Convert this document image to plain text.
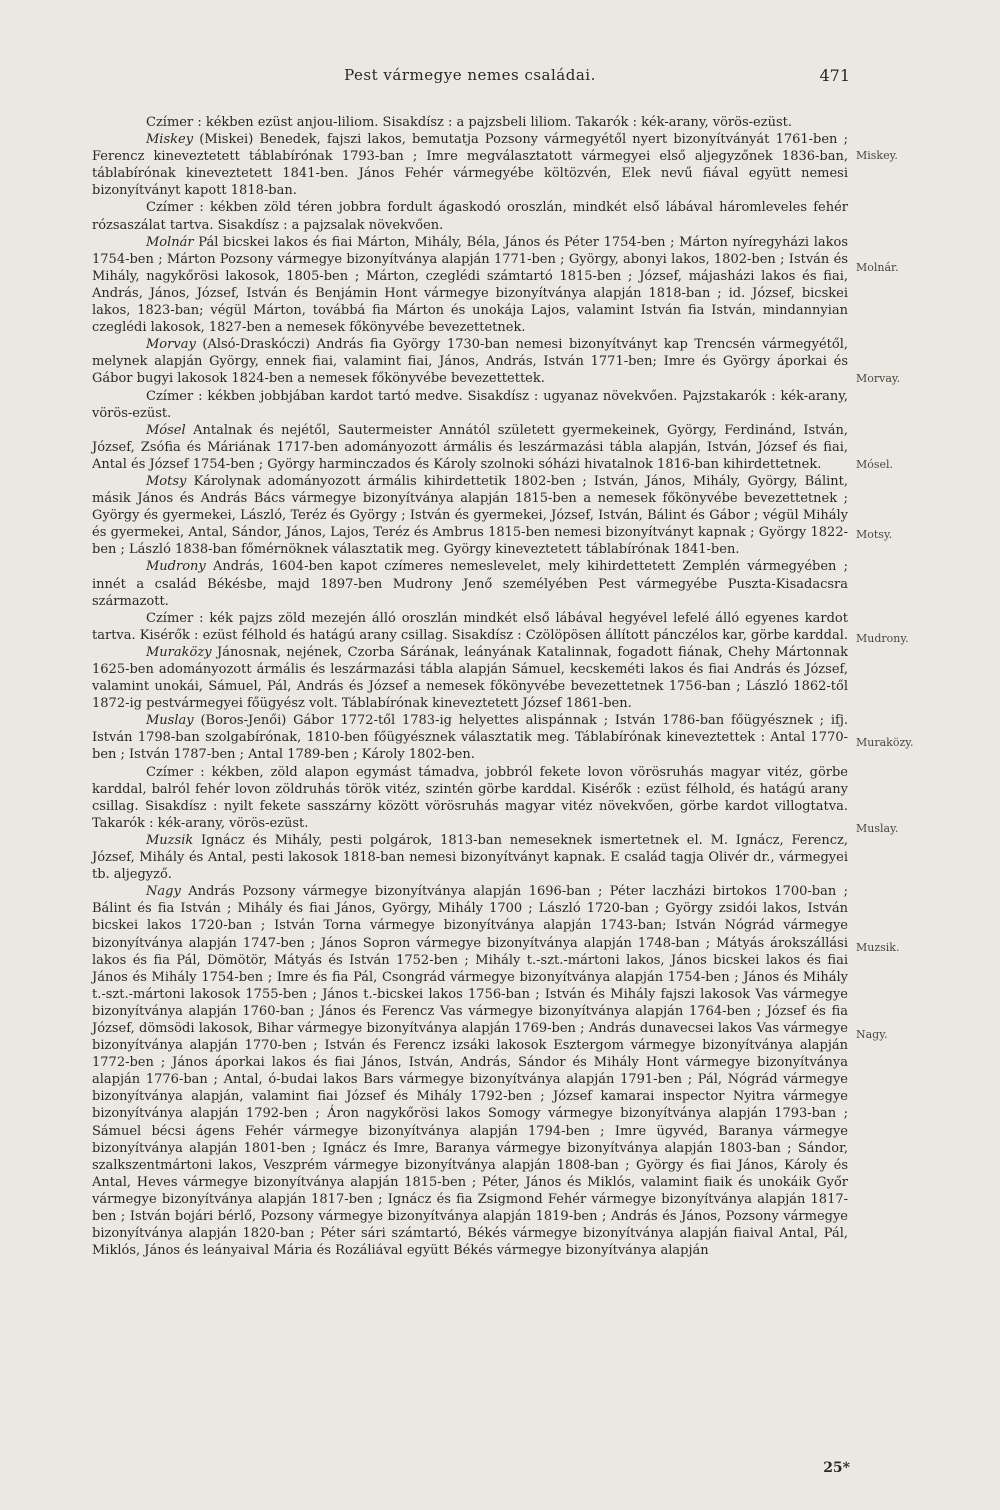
Pest vármegye nemes családai.	471

Czímer : kékben ezüst anjou-liliom. Sisakdísz : a pajzsbeli liliom. Takarók : kék-arany, vörös-ezüst.

Miskey (Miskei) Benedek, fajszi lakos, bemutatja Pozsony vármegyétől nyert bizonyítványát 1761-ben ; Ferencz kineveztetett táblabírónak 1793-ban ; Imre megválasztatott vármegyei első aljegyzőnek 1836-ban, táblabírónak kineveztetett 1841-ben. János Fehér vármegyébe költözvén, Elek nevű fiával együtt nemesi bizonyítványt kapott 1818-ban.

Czímer : kékben zöld téren jobbra fordult ágaskodó oroszlán, mindkét első lábával háromleveles fehér rózsaszálat tartva. Sisakdísz : a pajzsalak növekvően.

Molnár Pál bicskei lakos és fiai Márton, Mihály, Béla, János és Péter 1754-ben ; Márton nyíregyházi lakos 1754-ben ; Márton Pozsony vármegye bizonyítványa alapján 1771-ben ; György, abonyi lakos, 1802-ben ; István és Mihály, nagykőrösi lakosok, 1805-ben ; Márton, czeglédi számtartó 1815-ben ; József, májasházi lakos és fiai, András, János, József, István és Benjámin Hont vármegye bizonyítványa alapján 1818-ban ; id. József, bicskei lakos, 1823-ban; végül Márton, továbbá fia Márton és unokája Lajos, valamint István fia István, mindannyian czeglédi lakosok, 1827-ben a nemesek főkönyvébe bevezettetnek.

Morvay (Alsó-Draskóczi) András fia György 1730-ban nemesi bizonyítványt kap Trencsén vármegyétől, melynek alapján György, ennek fiai, valamint fiai, János, András, István 1771-ben; Imre és György áporkai és Gábor bugyi lakosok 1824-ben a nemesek főkönyvébe bevezettettek.

Czímer : kékben jobbjában kardot tartó medve. Sisakdísz : ugyanaz növekvően. Pajzstakarók : kék-arany, vörös-ezüst.

Mósel Antalnak és nejétől, Sautermeister Annától született gyermekeinek, György, Ferdinánd, István, József, Zsófia és Máriának 1717-ben adományozott ármális és leszármazási tábla alapján, István, József és fiai, Antal és József 1754-ben ; György harminczados és Károly szolnoki sóházi hivatalnok 1816-ban kihirdettetnek.

Motsy Károlynak adományozott ármális kihirdettetik 1802-ben ; István, János, Mihály, György, Bálint, másik János és András Bács vármegye bizonyítványa alapján 1815-ben a nemesek főkönyvébe bevezettetnek ; György és gyermekei, László, Teréz és György ; István és gyermekei, József, István, Bálint és Gábor ; végül Mihály és gyermekei, Antal, Sándor, János, Lajos, Teréz és Ambrus 1815-ben nemesi bizonyítványt kapnak ; György 1822-ben ; László 1838-ban főmérnöknek választatik meg. György kineveztetett táblabírónak 1841-ben.

Mudrony András, 1604-ben kapot czímeres nemeslevelet, mely kihirdettetett Zemplén vármegyében ; innét a család Békésbe, majd 1897-ben Mudrony Jenő személyében Pest vármegyébe Puszta-Kisadacsra származott.

Czímer : kék pajzs zöld mezején álló oroszlán mindkét első lábával hegyével lefelé álló egyenes kardot tartva. Kisérők : ezüst félhold és hatágú arany csillag. Sisakdísz : Czölöpösen állított pánczélos kar, görbe karddal.

Muraközy Jánosnak, nejének, Czorba Sárának, leányának Katalinnak, fogadott fiának, Chehy Mártonnak 1625-ben adományozott ármális és leszármazási tábla alapján Sámuel, kecskeméti lakos és fiai András és József, valamint unokái, Sámuel, Pál, András és József a nemesek főkönyvébe bevezettetnek 1756-ban ; László 1862-től 1872-ig pestvármegyei főügyész volt. Táblabírónak kineveztetett József 1861-ben.

Muslay (Boros-Jenői) Gábor 1772-től 1783-ig helyettes alispánnak ; István 1786-ban főügyésznek ; ifj. István 1798-ban szolgabírónak, 1810-ben főügyésznek választatik meg. Táblabírónak kineveztettek : Antal 1770-ben ; István 1787-ben ; Antal 1789-ben ; Károly 1802-ben.

Czímer : kékben, zöld alapon egymást támadva, jobbról fekete lovon vörösruhás magyar vitéz, görbe karddal, balról fehér lovon zöldruhás török vitéz, szintén görbe karddal. Kisérők : ezüst félhold, és hatágú arany csillag. Sisakdísz : nyilt fekete sasszárny között vörösruhás magyar vitéz növekvően, görbe kardot villogtatva. Takarók : kék-arany, vörös-ezüst.

Muzsik Ignácz és Mihály, pesti polgárok, 1813-ban nemeseknek ismertetnek el. M. Ignácz, Ferencz, József, Mihály és Antal, pesti lakosok 1818-ban nemesi bizonyítványt kapnak. E család tagja Olivér dr., vármegyei tb. aljegyző.

Nagy András Pozsony vármegye bizonyítványa alapján 1696-ban ; Péter laczházi birtokos 1700-ban ; Bálint és fia István ; Mihály és fiai János, György, Mihály 1700 ; László 1720-ban ; György zsidói lakos, István bicskei lakos 1720-ban ; István Torna vármegye bizonyítványa alapján 1743-ban; István Nógrád vármegye bizonyítványa alapján 1747-ben ; János Sopron vármegye bizonyítványa alapján 1748-ban ; Mátyás árokszállási lakos és fia Pál, Dömötör, Mátyás és István 1752-ben ; Mihály t.-szt.-mártoni lakos, János bicskei lakos és fiai János és Mihály 1754-ben ; Imre és fia Pál, Csongrád vármegye bizonyítványa alapján 1754-ben ; János és Mihály t.-szt.-mártoni lakosok 1755-ben ; János t.-bicskei lakos 1756-ban ; István és Mihály fajszi lakosok Vas vármegye bizonyítványa alapján 1760-ban ; János és Ferencz Vas vármegye bizonyítványa alapján 1764-ben ; József és fia József, dömsödi lakosok, Bihar vármegye bizonyítványa alapján 1769-ben ; András dunavecsei lakos Vas vármegye bizonyítványa alapján 1770-ben ; István és Ferencz izsáki lakosok Esztergom vármegye bizonyítványa alapján 1772-ben ; János áporkai lakos és fiai János, István, András, Sándor és Mihály Hont vármegye bizonyítványa alapján 1776-ban ; Antal, ó-budai lakos Bars vármegye bizonyítványa alapján 1791-ben ; Pál, Nógrád vármegye bizonyítványa alapján, valamint fiai József és Mihály 1792-ben ; József kamarai inspector Nyitra vármegye bizonyítványa alapján 1792-ben ; Áron nagykőrösi lakos Somogy vármegye bizonyítványa alapján 1793-ban ; Sámuel bécsi ágens Fehér vármegye bizonyítványa alapján 1794-ben ; Imre ügyvéd, Baranya vármegye bizonyítványa alapján 1801-ben ; Ignácz és Imre, Baranya vármegye bizonyítványa alapján 1803-ban ; Sándor, szalkszentmártoni lakos, Veszprém vármegye bizonyítványa alapján 1808-ban ; György és fiai János, Károly és Antal, Heves vármegye bizonyítványa alapján 1815-ben ; Péter, János és Miklós, valamint fiaik és unokáik Győr vármegye bizonyítványa alapján 1817-ben ; Ignácz és fia Zsigmond Fehér vármegye bizonyítványa alapján 1817-ben ; István bojári bérlő, Pozsony vármegye bizonyítványa alapján 1819-ben ; András és János, Pozsony vármegye bizonyítványa alapján 1820-ban ; Péter sári számtartó, Békés vármegye bizonyítványa alapján fiaival Antal, Pál, Miklós, János és leányaival Mária és Rozáliával együtt Békés vármegye bizonyítványa alapján

Miskey.
Molnár.
Morvay.
Mósel.
Motsy.
Mudrony.
Muraközy.
Muslay.
Muzsik.
Nagy.
25*
